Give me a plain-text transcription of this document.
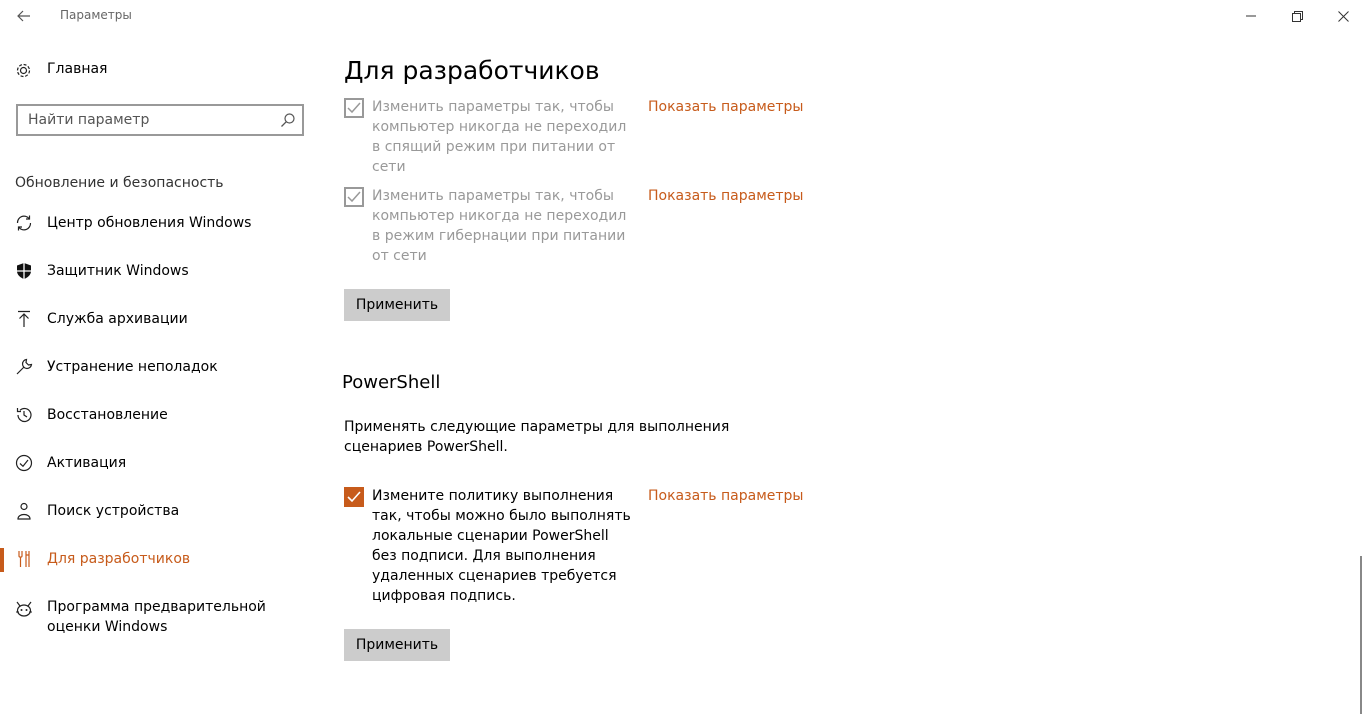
Параметры
Главная
Найти параметр
Обновление и безопасность
Центр обновления Windows
Защитник Windows
Служба архивации
Устранение неполадок
Восстановление
Активация
Поиск устройства
Для разработчиков
Программа предварительной оценки Windows
Для разработчиков
Изменить параметры так, чтобы компьютер никогда не переходил в спящий режим при питании от сети
Показать параметры
Изменить параметры так, чтобы компьютер никогда не переходил в режим гибернации при питании от сети
Показать параметры
Применить
PowerShell
Применять следующие параметры для выполнения сценариев PowerShell.
Измените политику выполнения так, чтобы можно было выполнять локальные сценарии PowerShell без подписи. Для выполнения удаленных сценариев требуется цифровая подпись.
Показать параметры
Применить
